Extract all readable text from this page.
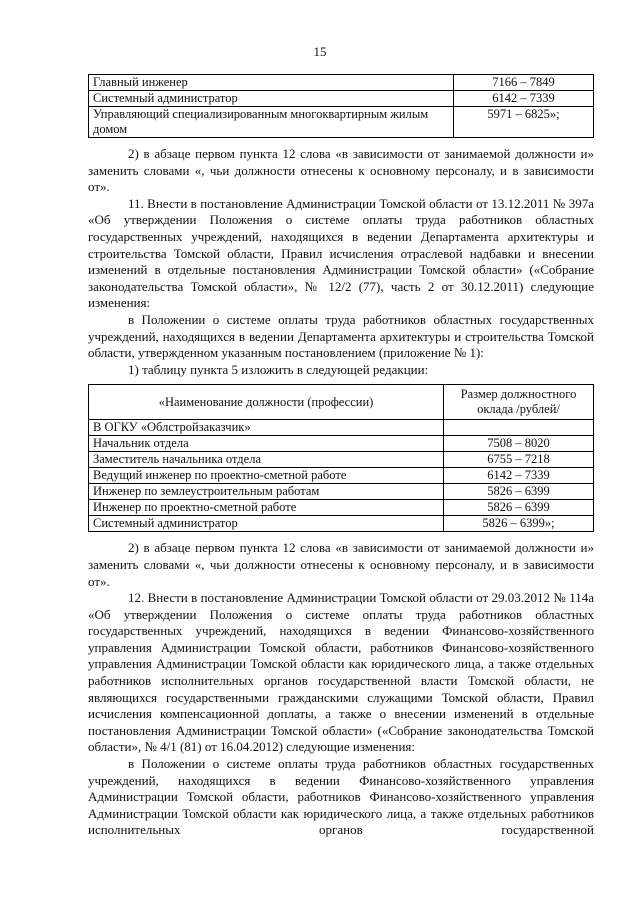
15
Главный инженер	7166 – 7849
Системный администратор	6142 – 7339
Управляющий специализированным многоквартирным жилым домом	5971 – 6825»;

2) в абзаце первом пункта 12 слова «в зависимости от занимаемой должности и» заменить словами «, чьи должности отнесены к основному персоналу, и в зависимости от».

11. Внести в постановление Администрации Томской области от 13.12.2011 № 397а «Об утверждении Положения о системе оплаты труда работников областных государственных учреждений, находящихся в ведении Департамента архитектуры и строительства Томской области, Правил исчисления отраслевой надбавки и внесении изменений в отдельные постановления Администрации Томской области» («Собрание законодательства Томской области», № 12/2 (77), часть 2 от 30.12.2011) следующие изменения:

в Положении о системе оплаты труда работников областных государственных учреждений, находящихся в ведении Департамента архитектуры и строительства Томской области, утвержденном указанным постановлением (приложение № 1):

1) таблицу пункта 5 изложить в следующей редакции:

«Наименование должности (профессии)	Размер должностного оклада /рублей/
В ОГКУ «Облстройзаказчик»	
Начальник отдела	7508 – 8020
Заместитель начальника отдела	6755 – 7218
Ведущий инженер по проектно-сметной работе	6142 – 7339
Инженер по землеустроительным работам	5826 – 6399
Инженер по проектно-сметной работе	5826 – 6399
Системный администратор	5826 – 6399»;

2) в абзаце первом пункта 12 слова «в зависимости от занимаемой должности и» заменить словами «, чьи должности отнесены к основному персоналу, и в зависимости от».

12. Внести в постановление Администрации Томской области от 29.03.2012 № 114а «Об утверждении Положения о системе оплаты труда работников областных государственных учреждений, находящихся в ведении Финансово-хозяйственного управления Администрации Томской области, работников Финансово-хозяйственного управления Администрации Томской области как юридического лица, а также отдельных работников исполнительных органов государственной власти Томской области, не являющихся государственными гражданскими служащими Томской области, Правил исчисления компенсационной доплаты, а также о внесении изменений в отдельные постановления Администрации Томской области» («Собрание законодательства Томской области», № 4/1 (81) от 16.04.2012) следующие изменения:

в Положении о системе оплаты труда работников областных государственных учреждений, находящихся в ведении Финансово-хозяйственного управления Администрации Томской области, работников Финансово-хозяйственного управления Администрации Томской области как юридического лица, а также отдельных работников исполнительных органов государственной
